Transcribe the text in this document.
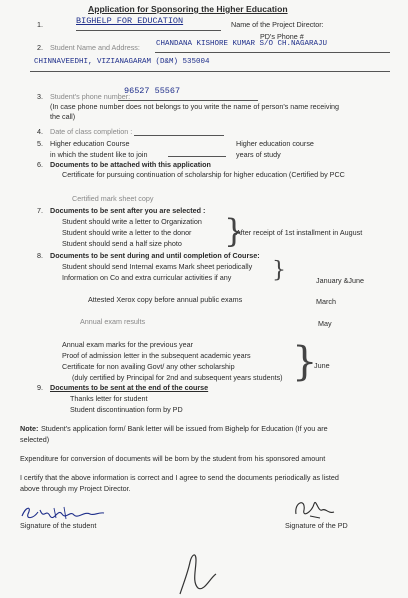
Application for Sponsoring the Higher Education
1.	BIGHELP FOR EDUCATION	Name of the Project Director:
PD's Phone #
2. Student Name and Address: CHANDANA KISHORE KUMAR S/O CH.NAGARAJU
CHINNAVEEDHI, VIZIANAGARAM (D&M) 535004
3. Student's phone number:
96527 55567
(In case phone number does not belongs to you write the name of person's name receiving
the call)
4. Date of class completion :
5. Higher education Course
in which the student like to join
Higher education course
years of study
6. Documents to be attached with this application
Certificate for pursuing continuation of scholarship for higher education (Certified by PCC
Certified mark sheet copy
7. Documents to be sent after you are selected :
Student should write a letter to Organization
Student should write a letter to the donor
Student should send a half size photo }
After receipt of 1st installment in August
8. Documents to be sent during and until completion of Course:
Student should send Internal exams Mark sheet periodically
Information on Co and extra curricular activities if any }	January &June
Attested Xerox copy before annual public exams	March
Annual exam results	May
Annual exam marks for the previous year
Proof of admission letter in the subsequent academic years
Certificate for non availing Govt/ any other scholarship
(duly certified by Principal for 2nd and subsequent years students) }
June
9. Documents to be sent at the end of the course
Thanks letter for student
Student discontinuation form by PD
Note: Student's application form/ Bank letter will be issued from Bighelp for Education (If you are
selected)
Expenditure for conversion of documents will be born by the student from his sponsored amount
I certify that the above information is correct and I agree to send the documents periodically as listed
above through my Project Director.
Signature of the student	Signature of the PD
